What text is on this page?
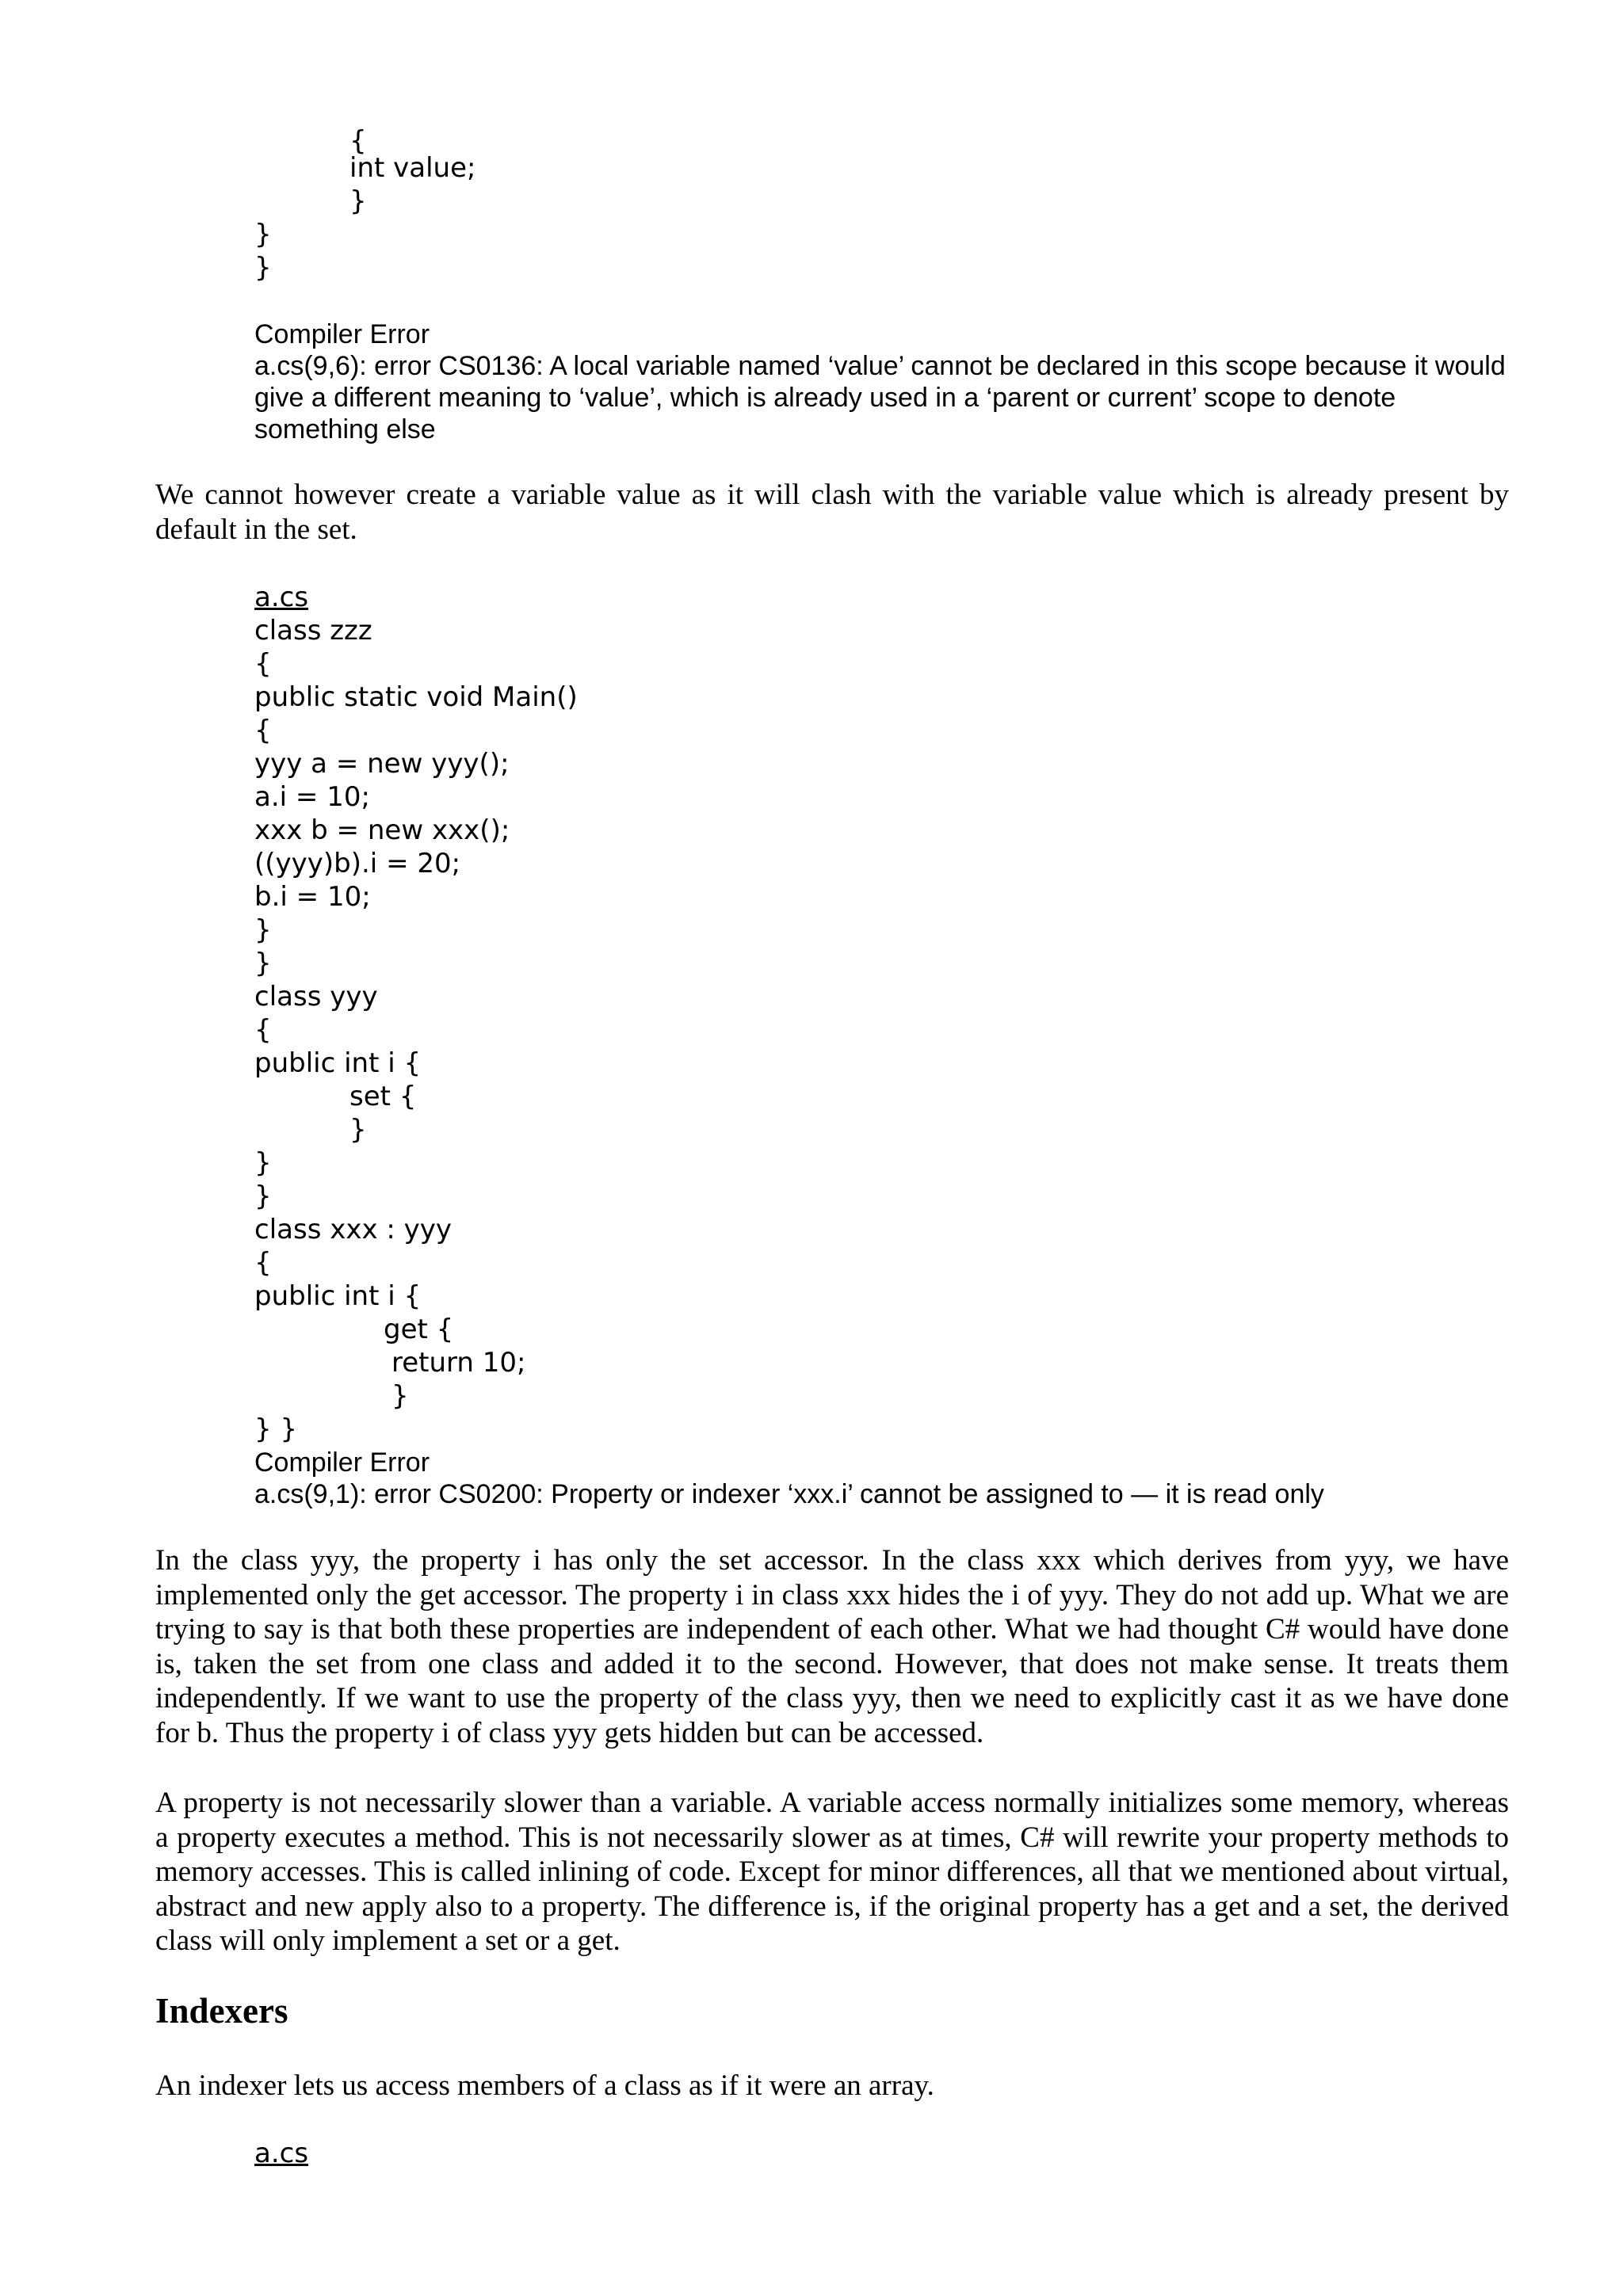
{
int value;
}
}
}
Compiler Error
a.cs(9,6): error CS0136: A local variable named ‘value’ cannot be declared in this scope because it would give a different meaning to ‘value’, which is already used in a ‘parent or current’ scope to denote something else
We cannot however create a variable value as it will clash with the variable value which is already present by default in the set.
a.cs
class zzz
{
public static void Main()
{
yyy a = new yyy();
a.i = 10;
xxx b = new xxx();
((yyy)b).i = 20;
b.i = 10;
}
}
class yyy
{
public int i {
set {
}
}
}
class xxx : yyy
{
public int i {
get {
return 10;
}
} }
Compiler Error
a.cs(9,1): error CS0200: Property or indexer ‘xxx.i’ cannot be assigned to — it is read only
In the class yyy, the property i has only the set accessor. In the class xxx which derives from yyy, we have implemented only the get accessor. The property i in class xxx hides the i of yyy. They do not add up. What we are trying to say is that both these properties are independent of each other. What we had thought C# would have done is, taken the set from one class and added it to the second. However, that does not make sense. It treats them independently. If we want to use the property of the class yyy, then we need to explicitly cast it as we have done for b. Thus the property i of class yyy gets hidden but can be accessed.
A property is not necessarily slower than a variable. A variable access normally initializes some memory, whereas a property executes a method. This is not necessarily slower as at times, C# will rewrite your property methods to memory accesses. This is called inlining of code. Except for minor differences, all that we mentioned about virtual, abstract and new apply also to a property. The difference is, if the original property has a get and a set, the derived class will only implement a set or a get.
Indexers
An indexer lets us access members of a class as if it were an array.
a.cs
